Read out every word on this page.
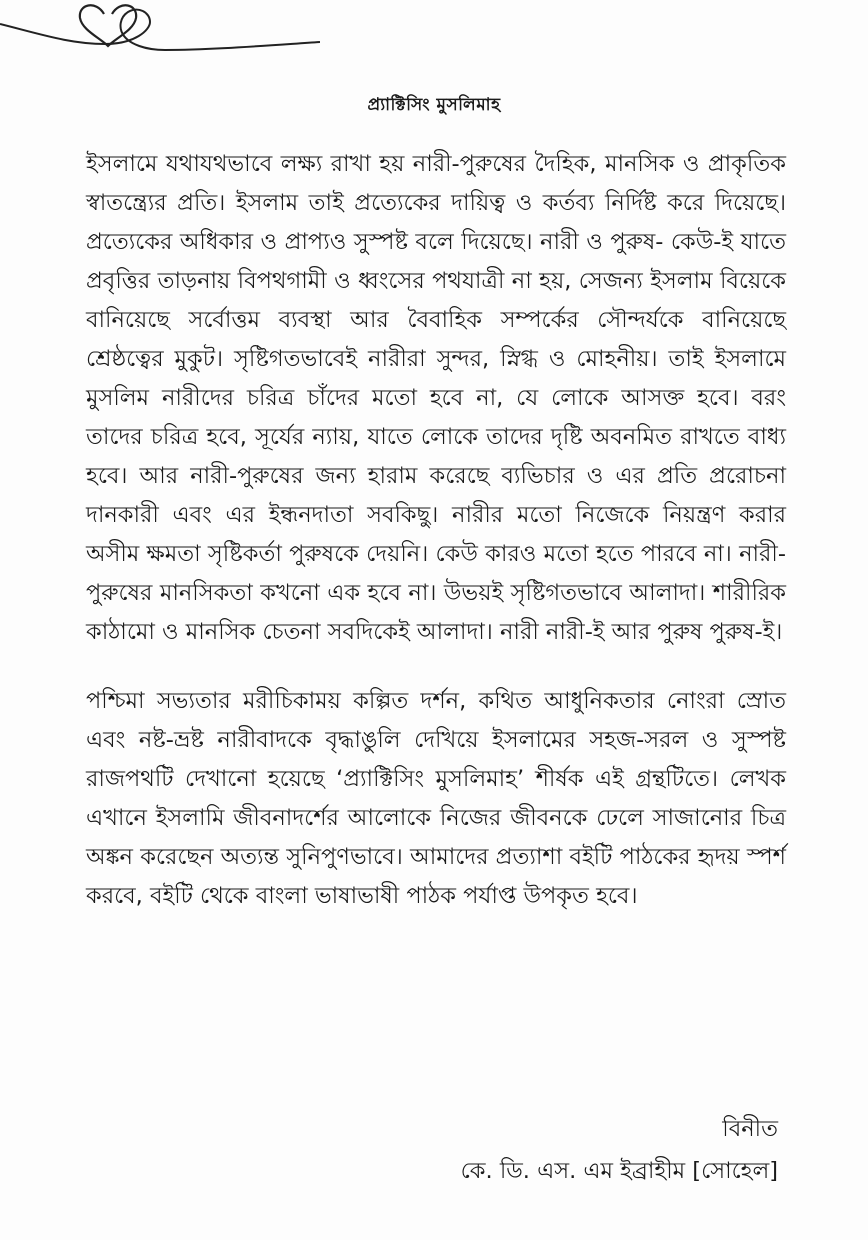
প্র্যাক্টিসিং মুসলিমাহ

ইসলামে যথাযথভাবে লক্ষ্য রাখা হয় নারী-পুরুষের দৈহিক, মানসিক ও প্রাকৃতিক স্বাতন্ত্র্যের প্রতি। ইসলাম তাই প্রত্যেকের দায়িত্ব ও কর্তব্য নির্দিষ্ট করে দিয়েছে। প্রত্যেকের অধিকার ও প্রাপ্যও সুস্পষ্ট বলে দিয়েছে। নারী ও পুরুষ- কেউ-ই যাতে প্রবৃত্তির তাড়নায় বিপথগামী ও ধ্বংসের পথযাত্রী না হয়, সেজন্য ইসলাম বিয়েকে বানিয়েছে সর্বোত্তম ব্যবস্থা আর বৈবাহিক সম্পর্কের সৌন্দর্যকে বানিয়েছে শ্রেষ্ঠত্বের মুকুট। সৃষ্টিগতভাবেই নারীরা সুন্দর, স্নিগ্ধ ও মোহনীয়। তাই ইসলামে মুসলিম নারীদের চরিত্র চাঁদের মতো হবে না, যে লোকে আসক্ত হবে। বরং তাদের চরিত্র হবে, সূর্যের ন্যায়, যাতে লোকে তাদের দৃষ্টি অবনমিত রাখতে বাধ্য হবে। আর নারী-পুরুষের জন্য হারাম করেছে ব্যভিচার ও এর প্রতি প্ররোচনা দানকারী এবং এর ইন্ধনদাতা সবকিছু। নারীর মতো নিজেকে নিয়ন্ত্রণ করার অসীম ক্ষমতা সৃষ্টিকর্তা পুরুষকে দেয়নি। কেউ কারও মতো হতে পারবে না। নারী-পুরুষের মানসিকতা কখনো এক হবে না। উভয়ই সৃষ্টিগতভাবে আলাদা। শারীরিক কাঠামো ও মানসিক চেতনা সবদিকেই আলাদা। নারী নারী-ই আর পুরুষ পুরুষ-ই।

পশ্চিমা সভ্যতার মরীচিকাময় কল্পিত দর্শন, কথিত আধুনিকতার নোংরা স্রোত এবং নষ্ট-ভ্রষ্ট নারীবাদকে বৃদ্ধাঙুলি দেখিয়ে ইসলামের সহজ-সরল ও সুস্পষ্ট রাজপথটি দেখানো হয়েছে ‘প্র্যাক্টিসিং মুসলিমাহ’ শীর্ষক এই গ্রন্থটিতে। লেখক এখানে ইসলামি জীবনাদর্শের আলোকে নিজের জীবনকে ঢেলে সাজানোর চিত্র অঙ্কন করেছেন অত্যন্ত সুনিপুণভাবে। আমাদের প্রত্যাশা বইটি পাঠকের হৃদয় স্পর্শ করবে, বইটি থেকে বাংলা ভাষাভাষী পাঠক পর্যাপ্ত উপকৃত হবে।

বিনীত
কে. ডি. এস. এম ইব্রাহীম [সোহেল]
